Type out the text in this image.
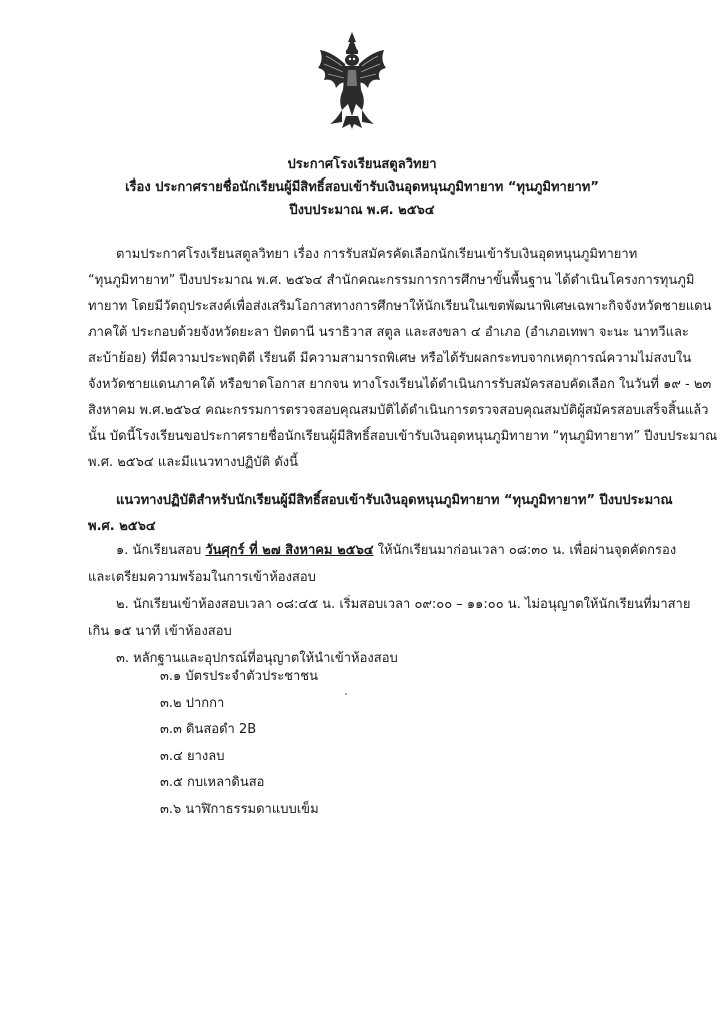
ประกาศโรงเรียนสตูลวิทยา
เรื่อง ประกาศรายชื่อนักเรียนผู้มีสิทธิ์สอบเข้ารับเงินอุดหนุนภูมิทายาท “ทุนภูมิทายาท”
ปีงบประมาณ พ.ศ. ๒๕๖๔
ตามประกาศโรงเรียนสตูลวิทยา เรื่อง การรับสมัครคัดเลือกนักเรียนเข้ารับเงินอุดหนุนภูมิทายาท
“ทุนภูมิทายาท” ปีงบประมาณ พ.ศ. ๒๕๖๔ สำนักคณะกรรมการการศึกษาขั้นพื้นฐาน ได้ดำเนินโครงการทุนภูมิ
ทายาท โดยมีวัตถุประสงค์เพื่อส่งเสริมโอกาสทางการศึกษาให้นักเรียนในเขตพัฒนาพิเศษเฉพาะกิจจังหวัดชายแดน
ภาคใต้ ประกอบด้วยจังหวัดยะลา ปัตตานี นราธิวาส สตูล และสงขลา ๔ อำเภอ (อำเภอเทพา จะนะ นาทวีและ
สะบ้าย้อย) ที่มีความประพฤติดี เรียนดี มีความสามารถพิเศษ หรือได้รับผลกระทบจากเหตุการณ์ความไม่สงบใน
จังหวัดชายแดนภาคใต้ หรือขาดโอกาส ยากจน ทางโรงเรียนได้ดำเนินการรับสมัครสอบคัดเลือก ในวันที่ ๑๙ - ๒๓
สิงหาคม พ.ศ.๒๕๖๔ คณะกรรมการตรวจสอบคุณสมบัติได้ดำเนินการตรวจสอบคุณสมบัติผู้สมัครสอบเสร็จสิ้นแล้ว
นั้น บัดนี้โรงเรียนขอประกาศรายชื่อนักเรียนผู้มีสิทธิ์สอบเข้ารับเงินอุดหนุนภูมิทายาท “ทุนภูมิทายาท” ปีงบประมาณ
พ.ศ. ๒๕๖๔ และมีแนวทางปฏิบัติ ดังนี้
แนวทางปฏิบัติสำหรับนักเรียนผู้มีสิทธิ์สอบเข้ารับเงินอุดหนุนภูมิทายาท “ทุนภูมิทายาท” ปีงบประมาณ
พ.ศ. ๒๕๖๔
๑. นักเรียนสอบ วันศุกร์ ที่ ๒๗ สิงหาคม ๒๕๖๔ ให้นักเรียนมาก่อนเวลา ๐๘:๓๐ น. เพื่อผ่านจุดคัดกรอง
และเตรียมความพร้อมในการเข้าห้องสอบ
๒. นักเรียนเข้าห้องสอบเวลา ๐๘:๔๕ น. เริ่มสอบเวลา ๐๙:๐๐ – ๑๑:๐๐ น. ไม่อนุญาตให้นักเรียนที่มาสาย
เกิน ๑๕ นาที เข้าห้องสอบ
๓. หลักฐานและอุปกรณ์ที่อนุญาตให้นำเข้าห้องสอบ
๓.๑ บัตรประจำตัวประชาชน
๓.๒ ปากกา
๓.๓ ดินสอดำ 2B
๓.๔ ยางลบ
๓.๕ กบเหลาดินสอ
๓.๖ นาฬิกาธรรมดาแบบเข็ม
